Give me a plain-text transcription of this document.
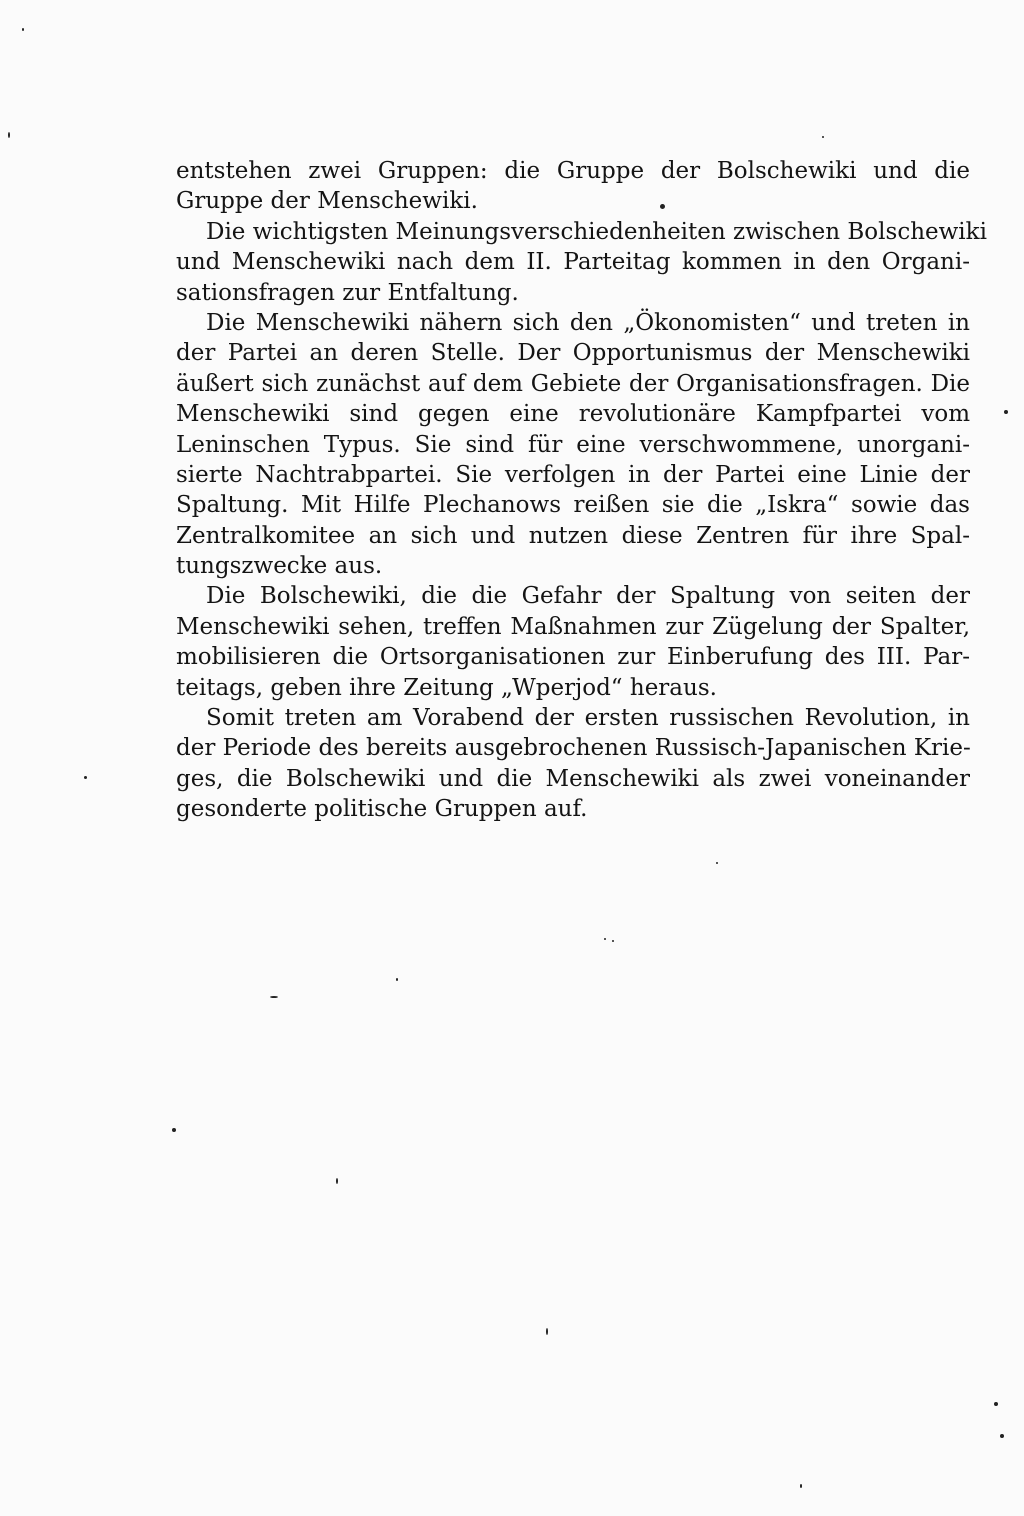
entstehen zwei Gruppen: die Gruppe der Bolschewiki und die
Gruppe der Menschewiki.
Die wichtigsten Meinungsverschiedenheiten zwischen Bolschewiki
und Menschewiki nach dem II. Parteitag kommen in den Organi-
sationsfragen zur Entfaltung.
Die Menschewiki nähern sich den „Ökonomisten“ und treten in
der Partei an deren Stelle. Der Opportunismus der Menschewiki
äußert sich zunächst auf dem Gebiete der Organisationsfragen. Die
Menschewiki sind gegen eine revolutionäre Kampfpartei vom
Leninschen Typus. Sie sind für eine verschwommene, unorgani-
sierte Nachtrabpartei. Sie verfolgen in der Partei eine Linie der
Spaltung. Mit Hilfe Plechanows reißen sie die „Iskra“ sowie das
Zentralkomitee an sich und nutzen diese Zentren für ihre Spal-
tungszwecke aus.
Die Bolschewiki, die die Gefahr der Spaltung von seiten der
Menschewiki sehen, treffen Maßnahmen zur Zügelung der Spalter,
mobilisieren die Ortsorganisationen zur Einberufung des III. Par-
teitags, geben ihre Zeitung „Wperjod“ heraus.
Somit treten am Vorabend der ersten russischen Revolution, in
der Periode des bereits ausgebrochenen Russisch-Japanischen Krie-
ges, die Bolschewiki und die Menschewiki als zwei voneinander
gesonderte politische Gruppen auf.
